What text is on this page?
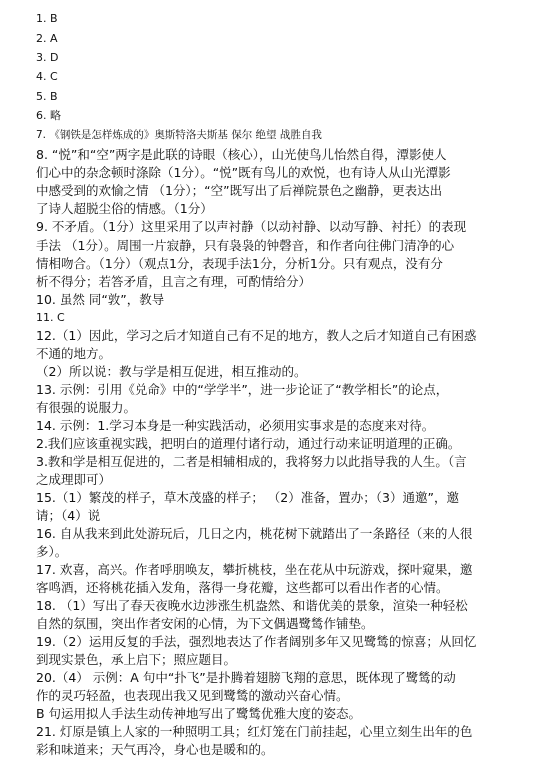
1. B
2. A
3. D
4. C
5. B
6. 略
7. 《钢铁是怎样炼成的》奥斯特洛夫斯基 保尔 绝望 战胜自我
8. “悦”和“空”两字是此联的诗眼（核心），山光使鸟儿怡然自得，潭影使人
们心中的杂念顿时涤除（1分）。“悦”既有鸟儿的欢悦，也有诗人从山光潭影
中感受到的欢愉之情 （1分）；“空”既写出了后禅院景色之幽静，更表达出
了诗人超脱尘俗的情感。（1分）
9. 不矛盾。（1分）这里采用了以声衬静（以动衬静、以动写静、衬托）的表现
手法 （1分）。周围一片寂静，只有袅袅的钟磬音，和作者向往佛门清净的心
情相吻合。（1分）（观点1分，表现手法1分，分析1分。只有观点，没有分
析不得分；若答矛盾，且言之有理，可酌情给分）
10. 虽然 同“敦”，教导
11. C
12.（1）因此，学习之后才知道自己有不足的地方，教人之后才知道自己有困惑
不通的地方。
（2）所以说：教与学是相互促进，相互推动的。
13. 示例：引用《兑命》中的“学学半”，进一步论证了“教学相长”的论点，
有很强的说服力。
14. 示例：1.学习本身是一种实践活动，必须用实事求是的态度来对待。
2.我们应该重视实践，把明白的道理付诸行动，通过行动来证明道理的正确。
3.教和学是相互促进的，二者是相辅相成的，我将努力以此指导我的人生。（言
之成理即可）
15.（1）繁茂的样子，草木茂盛的样子； （2）准备，置办；（3）通邀”，邀
请；（4）说
16. 自从我来到此处游玩后，几日之内，桃花树下就踏出了一条路径（来的人很
多）。
17. 欢喜，高兴。作者呼朋唤友，攀折桃枝，坐在花从中玩游戏，探叶窥果，邀
客鸣酒，还将桃花插入发角，落得一身花瓣，这些都可以看出作者的心情。
18. （1）写出了春天夜晚水边涉涨生机盎然、和谐优美的景象，渲染一种轻松
自然的氛围，突出作者安闲的心情，为下文偶遇鹭鸶作铺垫。
19.（2）运用反复的手法，强烈地表达了作者阔别多年又见鹭鸶的惊喜；从回忆
到现实景色，承上启下；照应题目。
20.（4） 示例：A 句中“扑飞”是扑腾着翅膀飞翔的意思，既体现了鹭鸶的动
作的灵巧轻盈，也表现出我又见到鹭鸶的激动兴奋心情。
B 句运用拟人手法生动传神地写出了鹭鸶优雅大度的姿态。
21. 灯原是镇上人家的一种照明工具；红灯笼在门前挂起，心里立刻生出年的色
彩和味道来；天气再冷，身心也是暖和的。
